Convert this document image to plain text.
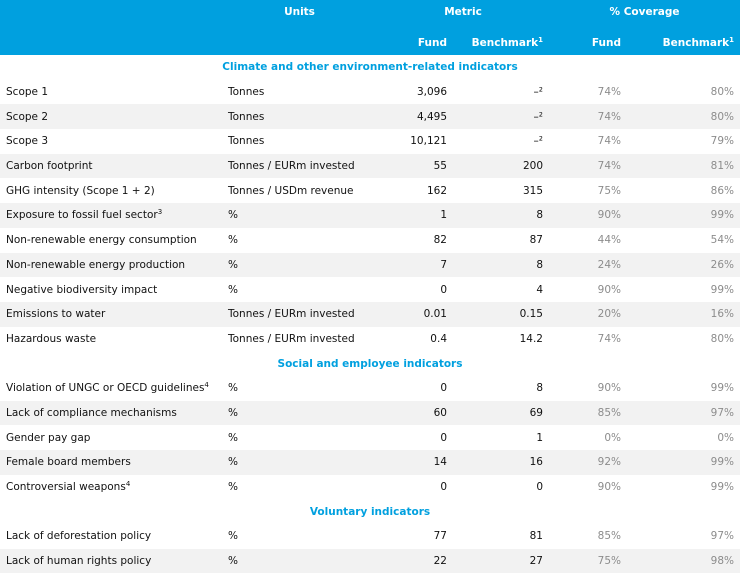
	Units	Metric		% Coverage	
		Fund	Benchmark$^1$	Fund	Benchmark$^1$
Climate and other environment-related indicators					
Scope 1	Tonnes	3,096	–²	74%	80%
Scope 2	Tonnes	4,495	–²	74%	80%
Scope 3	Tonnes	10,121	–²	74%	79%
Carbon footprint	Tonnes / EURm invested	55	200	74%	81%
GHG intensity (Scope 1 + 2)	Tonnes / USDm revenue	162	315	75%	86%
Exposure to fossil fuel sector$^3$	%	1	8	90%	99%
Non-renewable energy consumption	%	82	87	44%	54%
Non-renewable energy production	%	7	8	24%	26%
Negative biodiversity impact	%	0	4	90%	99%
Emissions to water	Tonnes / EURm invested	0.01	0.15	20%	16%
Hazardous waste	Tonnes / EURm invested	0.4	14.2	74%	80%
Social and employee indicators					
Violation of UNGC or OECD guidelines$^4$	%	0	8	90%	99%
Lack of compliance mechanisms	%	60	69	85%	97%
Gender pay gap	%	0	1	0%	0%
Female board members	%	14	16	92%	99%
Controversial weapons$^4$	%	0	0	90%	99%
Voluntary indicators					
Lack of deforestation policy	%	77	81	85%	97%
Lack of human rights policy	%	22	27	75%	98%
